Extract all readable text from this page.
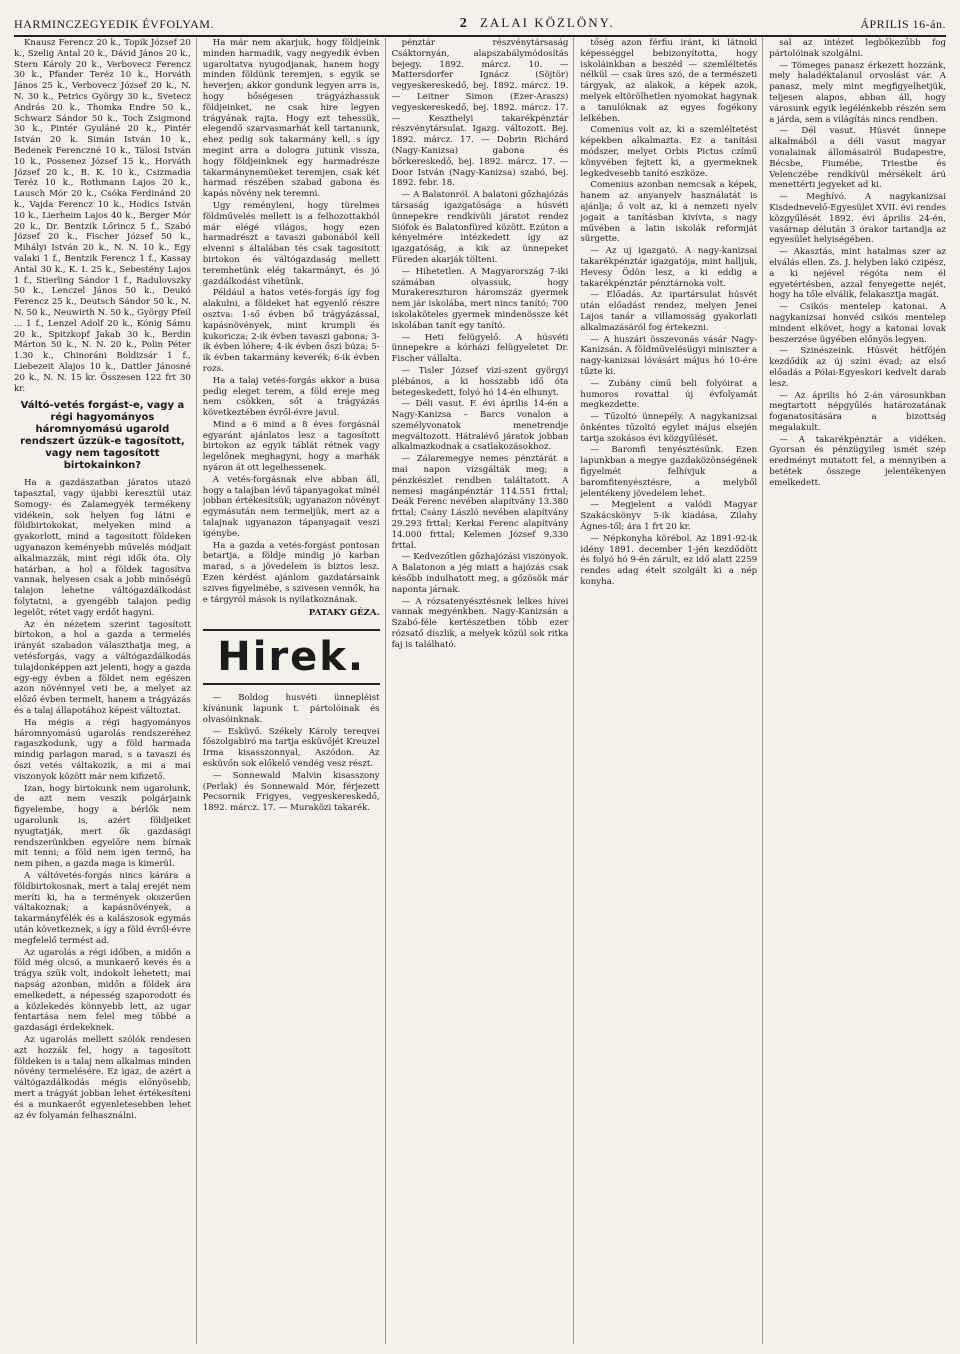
HARMINCZEGYEDIK ÉVFOLYAM.	2 ZALAI KÖZLÖNY.	ÁPRILIS 16-án.

Knausz Ferencz 20 k., Topik József 20 k., Szelig Antal 20 k., Dávid János 20 k., Stern Károly 20 k., Verbovecz Ferencz 30 k., Pfander Teréz 10 k., Horváth János 25 k., Verbovecz József 20 k., N. N. 30 k., Petrics György 30 k., Svetecz András 20 k., Thomka Endre 50 k., Schwarz Sándor 50 k., Toch Zsigmond 30 k., Pintér Gyuláné 20 k., Pintér István 20 k. Simán István 10 k., Bedenek Ferenczné 10 k., Tálosi István 10 k., Possenez József 15 k., Horváth József 20 k., B. K. 10 k., Csizmadia Teréz 10 k., Rothmann Lajos 20 k., Lausch Mór 20 k., Csóka Ferdinánd 20 k., Vajda Ferencz 10 k., Hodics István 10 k., Lierheim Lajos 40 k., Berger Mór 20 k., Dr. Bentzik Lőrincz 5 f., Szabó József 20 k., Fischer József 50 k., Mihályi István 20 k., N. N. 10 k., Egy valaki 1 f., Bentzik Ferencz 1 f., Kassay Antal 30 k., K. I. 25 k., Sebestény Lajos 1 f., Stierling Sándor 1 f., Radulovszky 50 k., Lenczel János 50 k., Deukó Ferencz 25 k., Deutsch Sándor 50 k., N. N. 50 k., Neuwirth N. 50 k., György Pfeil ... 1 f., Lenzel Adolf 20 k., Kónig Sámu 20 k., Spitzkopf Jakab 30 k., Berdin Márton 50 k., N. N. 20 k., Polin Péter 1.30 k., Chinoráni Boldizsár 1 f., Liebezeit Alajos 10 k., Dattler Jánosné 20 k., N. N. 15 kr. Összesen 122 frt 30 kr.

Váltó-vetés forgást-e, vagy a régi hagyományos háromnyomású ugarold rendszert űzzük-e tagosított, vagy nem tagosított birtokainkon?

Ha a gazdászatban járatos utazó tapasztal, vagy újabbi keresztül utaz Somogy- és Zalamegyék termékeny vidékein, sok helyen fog látni e földbirtokokat, melyeken mind a gyakorlott, mind a tagosított földeken ugyanazon keményebb művelés módjait alkalmazzák, mint régi idők óta. Oly határban, a hol a földek tagosítva vannak, helyesen csak a jobb minőségű talajon lehetne váltógazdálkodást folytatni, a gyengébb talajon pedig legelőt, rétet vagy erdőt hagyni.

Az én nézetem szerint tagosított birtokon, a hol a gazda a termelés irányát szabadon választhatja meg, a vetésforgás, vagy a váltógazdálkodás tulajdonképpen azt jelenti, hogy a gazda egy-egy évben a földet nem egészen azon növénnyel veti be, a melyet az előző évben termelt, hanem a trágyázás és a talaj állapotához képest változtat.

Ha mégis a régi hagyományos háromnyomású ugarolás rendszeréhez ragaszkodunk, ugy a föld harmada mindig parlagon marad, s a tavaszi és őszi vetés váltakozik, a mi a mai viszonyok között már nem kifizető.

Izan, hogy birtokunk nem ugarolunk, de azt nem veszik polgárjaink figyelembe, hogy a bérlők nem ugarolunk is, azért földjeiket nyugtatják, mert ők gazdasági rendszerünkben egyelőre nem bírnak mit tenni; a föld nem igen termő, ha nem pihen, a gazda maga is kimerül.

A váltóvetés-forgás nincs kárára a földbirtokosnak, mert a talaj erejét nem meríti ki, ha a termények okszerűen váltakoznak; a kapásnövények, a takarmányfélék és a kalászosok egymás után következnek, s így a föld évről-évre megfelelő termést ad.

Az ugarolás a régi időben, a midőn a föld még olcsó, a munkaerő kevés és a trágya szűk volt, indokolt lehetett; mai napság azonban, midőn a földek ára emelkedett, a népesség szaporodott és a közlekedés könnyebb lett, az ugar fentartása nem felel meg többé a gazdasági érdekeknek.

Az ugarolás mellett szólók rendesen azt hozzák fel, hogy a tagosított földeken is a talaj nem alkalmas minden növény termelésére. Ez igaz, de azért a váltógazdálkodás mégis előnyösebb, mert a trágyát jobban lehet értékesíteni és a munkaerőt egyenletesebben lehet az év folyamán felhasználni.

Ha már nem akarjuk, hogy földjeink minden harmadik, vagy negyedik évben ugaroltatva nyugodjanak, hanem hogy minden földünk teremjen, s egyik se heverjen; akkor gondunk legyen arra is, hogy bőségesen trágyázhassuk földjeinket, ne csak hire legyen trágyának rajta. Hogy ezt tehessük, elegendő szarvasmarhát kell tartanunk, ehez pedig sok takarmány kell, s így megint arra a dologra jutunk vissza, hogy földjeinknek egy harmadrésze takarmánynemüeket teremjen, csak két harmad részében szabad gabona és kapás növény nek teremni.

Ugy reményleni, hogy türelmes földművelés mellett is a felhozottakból már elégé világos, hogy ezen harmadrészt a tavaszi gabonából kell elvenni s általában tés csak tagosított birtokon és váltógazdaság mellett teremhetünk elég takarmányt, és jó gazdálkodást vihetünk.

Például a hatos vetés-forgás így fog alakulni, a földeket hat egyenlő részre osztva: 1-ső évben bő trágyázással, kapásnövények, mint krumpli és kukoricza; 2-ik évben tavaszi gabona; 3-ik évben lóhere; 4-ik évben őszi búza; 5-ik évben takarmány keverék; 6-ik évben rozs.

Ha a talaj vetés-forgás akkor a busa pedig eleget terem, a föld ereje meg nem csökken, sőt a trágyázás következtében évről-évre javul.

Mind a 6 mind a 8 éves forgásnál egyaránt ajánlatos lesz a tagosított birtokon az egyik táblát rétnek vagy legelőnek meghagyni, hogy a marhák nyáron át ott legelhessenek.

A vetés-forgásnak elve abban áll, hogy a talajban lévő tápanyagokat minél jobban értékesítsük; ugyanazon növényt egymásután nem termeljük, mert az a talajnak ugyanazon tápanyagait veszi igénybe.

Ha a gazda a vetés-forgást pontosan betartja, a földje mindig jó karban marad, s a jövedelem is biztos lesz. Ezen kérdést ajánlom gazdatársaink szives figyelmébe, s szivesen vennők, ha e tárgyról mások is nyilatkoznának.

PATAKY GÉZA.

Hirek.

— Boldog husvéti ünnepléist kívánunk lapunk t. pártolóinak és olvasóinknak.

— Esküvő. Székely Károly tereqvei főszolgabiró ma tartja esküvőjét Kreuzel Irma kisasszonnyal, Aszódon. Az esküvőn sok előkelő vendég vesz részt.

— Sonnewald Malvin kisasszony (Perlak) és Sonnewald Mór, férjezett Pecsornik Frigyes, vegyeskereskedő, 1892. márcz. 17. — Muraközi takarék.

pénztár részvénytársaság Csáktornyán, alapszabálymódosítás bejegy. 1892. márcz. 10. — Mattersdorfer Ignácz (Söjtör) vegyeskereskedő, bej. 1892. márcz. 19. — Leitner Simon (Ezer-Araszs) vegyeskereskedő, bej. 1892. márcz. 17. — Keszthelyi takarékpénztár részvénytársulat. Igazg. változott. Bej. 1892. márcz. 17. — Dobrin Richárd (Nagy-Kanizsa) gabona és bőrkereskedő, bej. 1892. márcz. 17. — Door István (Nagy-Kanizsa) szabó, bej. 1892. febr. 18.

— A Balatonról. A balatoni gőzhajózás társaság igazgatósága a húsvéti ünnepekre rendkívüli járatot rendez Siófok és Balatonfüred között. Ezúton a kényelmére intézkedett így az igazgatóság, a kik az ünnepeket Füreden akarják tölteni.

— Hihetetlen. A Magyarország 7-iki számában olvassuk, hogy Murakereszturon háromszáz gyermek nem jár iskolába, mert nincs tanító; 700 iskolaköteles gyermek mindenössze két iskolában tanít egy tanító.

— Heti felügyelő. A húsvéti ünnepekre a kórházi felügyeletet Dr. Fischer vállalta.

— Tisler József vizi-szent györgyi plébános, a ki hosszabb idő óta betegeskedett, folyó hó 14-én elhunyt.

— Déli vasut. F. évi április 14-én a Nagy-Kanizsa – Barcs vonalon a személyvonatok menetrendje megváltozott. Hátralévő járatok jobban alkalmazkodnak a csatlakozásokhoz.

— Zálaremegye nemes pénztárát a mai napon vizsgálták meg; a pénzkészlet rendben találtatott. A nemesi magánpénztár 114.551 frttal; Deák Ferenc nevében alapítvány 13.380 frttal; Csány László nevében alapítvány 29.293 frttal; Kerkai Ferenc alapítvány 14.000 frttal; Kelemen József 9.330 frttal.

— Kedvezőtlen gőzhajózási viszonyok. A Balatonon a jég miatt a hajózás csak később indulhatott meg, a gőzösök már naponta járnak.

— A rózsatenyésztésnek lelkes hívei vannak megyénkben. Nagy-Kanizsán a Szabó-féle kertészetben több ezer rózsatő díszlik, a melyek közül sok ritka faj is található.

tőség azon férfiu iránt, ki látnoki képességgel bebizonyította, hogy iskoláinkban a beszéd — szemléltetés nélkül — csak üres szó, de a természeti tárgyak, az alakok, a képek azok, melyek eltörölhetlen nyomokat hagynak a tanulóknak az egyes fogékony lelkében.

Comenius volt az, ki a szemléltetést képekben alkalmazta. Ez a tanítási módszer, melyet Orbis Pictus czímű könyvében fejtett ki, a gyermeknek legkedvesebb tanító eszköze.

Comenius azonban nemcsak a képek, hanem az anyanyelv használatát is ajánlja; ő volt az, ki a nemzeti nyelv jogait a tanításban kivívta, s nagy művében a latin iskolák reformját sürgette.

— Az uj igazgató. A nagy-kanizsai takarékpénztár igazgatója, mint halljuk, Hevesy Ödön lesz, a ki eddig a takarékpénztár pénztárnoka volt.

— Előadás. Az ipartársulat húsvét után előadást rendez, melyen Jenei Lajos tanár a villamosság gyakorlati alkalmazásáról fog értekezni.

— A huszári összevonás vásár Nagy-Kanizsán. A földművelésügyi miniszter a nagy-kanizsai lóvásárt május hó 10-ére tűzte ki.

— Zubány című beli folyóirat a humoros rovattal új évfolyamát megkezdette.

— Tűzoltó ünnepély. A nagykanizsai önkéntes tűzoltó egylet május elsején tartja szokásos évi közgyűlését.

— Baromfi tenyésztésünk. Ezen lapunkban a megye gazdaközönségének figyelmét felhívjuk a baromfitenyésztésre, a melyből jelentékeny jövedelem lehet.

— Megjelent a valódi Magyar Szakácskönyv 5-ik kiadása, Zilahy Ágnes-től; ára 1 frt 20 kr.

— Népkonyha körébol. Az 1891-92-ik idény 1891. december 1-jén kezdődött és folyó hó 9-én zárult, ez idő alatt 2259 rendes adag ételt szolgált ki a nép konyha.

sal az intézet legbőkezűbb fog pártolóinak szolgálni.

— Tömeges panasz érkezett hozzánk, mely haladéktalanul orvoslást vár. A panasz, mely mint megfigyelhetjük, teljesen alapos, abban áll, hogy városunk egyik legélénkebb részén sem a járda, sem a világítás nincs rendben.

— Dél vasut. Húsvét ünnepe alkalmából a déli vasut magyar vonalainak állomásairól Budapestre, Bécsbe, Fiumébe, Triestbe és Velenczébe rendkívül mérsékelt árú menettérti jegyeket ad ki.

— Meghívó. A nagykanizsai Kisdednevelő-Egyesület XVII. évi rendes közgyűlését 1892. évi április 24-én, vasárnap délután 3 órakor tartandja az egyesület helyiségében.

— Akasztás, mint hatalmas szer az elválás ellen. Zs. J. helyben lakó czipész, a ki nejével régóta nem él egyetértésben, azzal fenyegette nejét, hogy ha tőle elválik, felakasztja magát.

— Csikós mentelep katonai. A nagykanizsai honvéd csikós mentelep mindent elkövet, hogy a katonai lovak beszerzése ügyében előnyös legyen.

— Szinészeink. Húsvét hétfőjén kezdődik az új színi évad; az első előadás a Pólai-Egyeskori kedvelt darab lesz.

— Az április hó 2-án városunkban megtartott népgyűlés határozatának foganatosítására a bizottság megalakult.

— A takarékpénztár a vidéken. Gyorsan és pénzügyileg ismét szép eredményt mutatott fel, a mennyiben a betétek összege jelentékenyen emelkedett.
